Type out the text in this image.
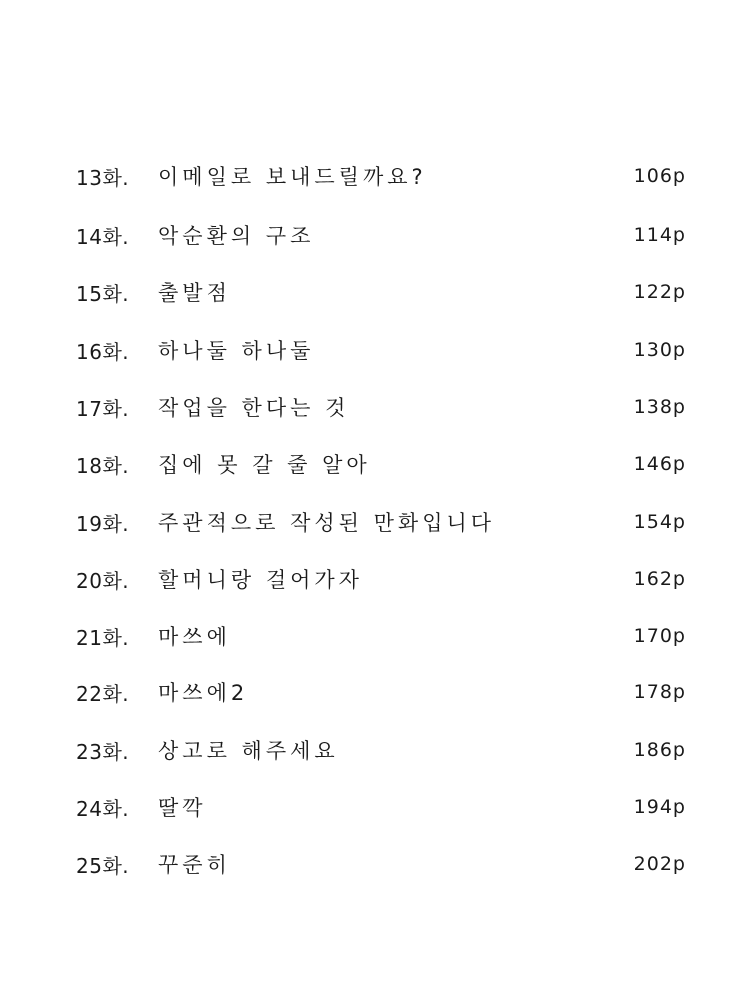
13화.	이메일로 보내드릴까요?	106p
14화.	악순환의 구조	114p
15화.	출발점	122p
16화.	하나둘 하나둘	130p
17화.	작업을 한다는 것	138p
18화.	집에 못 갈 줄 알아	146p
19화.	주관적으로 작성된 만화입니다	154p
20화.	할머니랑 걸어가자	162p
21화.	마쓰에	170p
22화.	마쓰에2	178p
23화.	상고로 해주세요	186p
24화.	딸깍	194p
25화.	꾸준히	202p
